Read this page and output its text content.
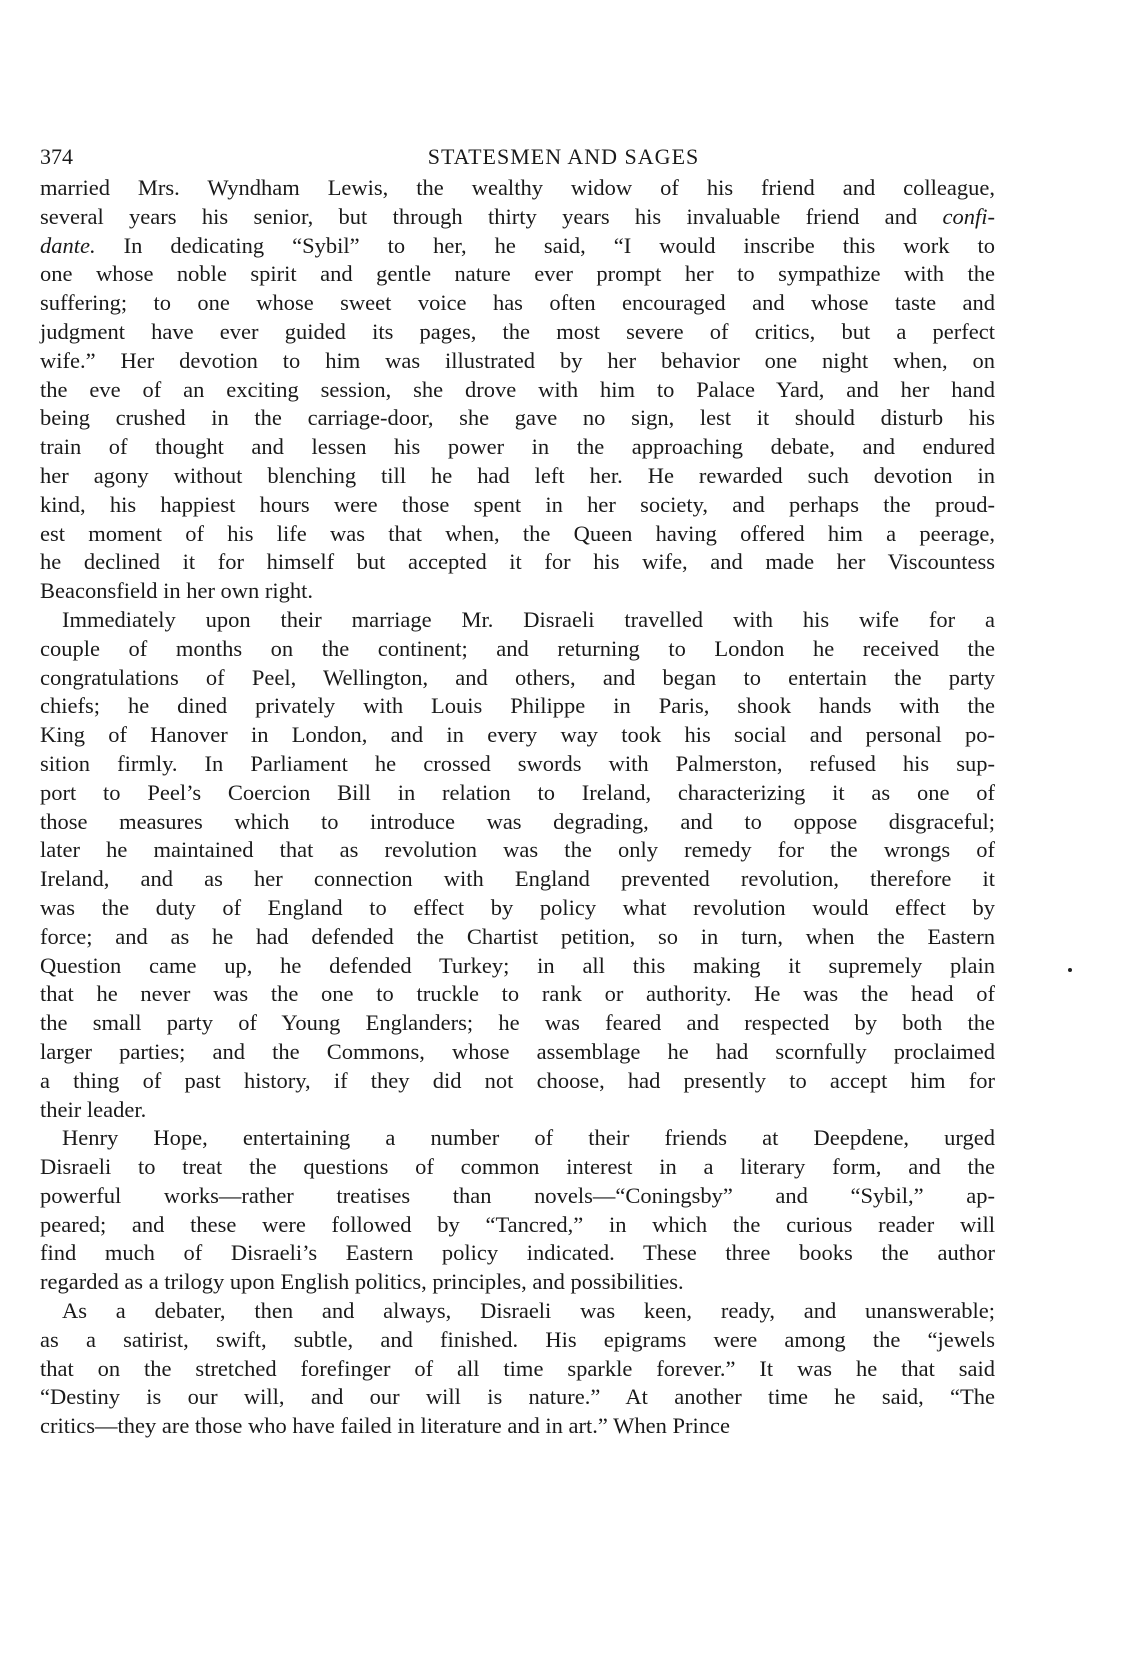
374	STATESMEN AND SAGES
married Mrs. Wyndham Lewis, the wealthy widow of his friend and colleague,
several years his senior, but through thirty years his invaluable friend and confi-
dante. In dedicating “Sybil” to her, he said, “I would inscribe this work to
one whose noble spirit and gentle nature ever prompt her to sympathize with the
suffering; to one whose sweet voice has often encouraged and whose taste and
judgment have ever guided its pages, the most severe of critics, but a perfect
wife.” Her devotion to him was illustrated by her behavior one night when, on
the eve of an exciting session, she drove with him to Palace Yard, and her hand
being crushed in the carriage-door, she gave no sign, lest it should disturb his
train of thought and lessen his power in the approaching debate, and endured
her agony without blenching till he had left her. He rewarded such devotion in
kind, his happiest hours were those spent in her society, and perhaps the proud-
est moment of his life was that when, the Queen having offered him a peerage,
he declined it for himself but accepted it for his wife, and made her Viscountess
Beaconsfield in her own right.
Immediately upon their marriage Mr. Disraeli travelled with his wife for a
couple of months on the continent; and returning to London he received the
congratulations of Peel, Wellington, and others, and began to entertain the party
chiefs; he dined privately with Louis Philippe in Paris, shook hands with the
King of Hanover in London, and in every way took his social and personal po-
sition firmly. In Parliament he crossed swords with Palmerston, refused his sup-
port to Peel’s Coercion Bill in relation to Ireland, characterizing it as one of
those measures which to introduce was degrading, and to oppose disgraceful;
later he maintained that as revolution was the only remedy for the wrongs of
Ireland, and as her connection with England prevented revolution, therefore it
was the duty of England to effect by policy what revolution would effect by
force; and as he had defended the Chartist petition, so in turn, when the Eastern
Question came up, he defended Turkey; in all this making it supremely plain
that he never was the one to truckle to rank or authority. He was the head of
the small party of Young Englanders; he was feared and respected by both the
larger parties; and the Commons, whose assemblage he had scornfully proclaimed
a thing of past history, if they did not choose, had presently to accept him for
their leader.
Henry Hope, entertaining a number of their friends at Deepdene, urged
Disraeli to treat the questions of common interest in a literary form, and the
powerful works—rather treatises than novels—“Coningsby” and “Sybil,” ap-
peared; and these were followed by “Tancred,” in which the curious reader will
find much of Disraeli’s Eastern policy indicated. These three books the author
regarded as a trilogy upon English politics, principles, and possibilities.
As a debater, then and always, Disraeli was keen, ready, and unanswerable;
as a satirist, swift, subtle, and finished. His epigrams were among the “jewels
that on the stretched forefinger of all time sparkle forever.” It was he that said
“Destiny is our will, and our will is nature.” At another time he said, “The
critics—they are those who have failed in literature and in art.” When Prince
